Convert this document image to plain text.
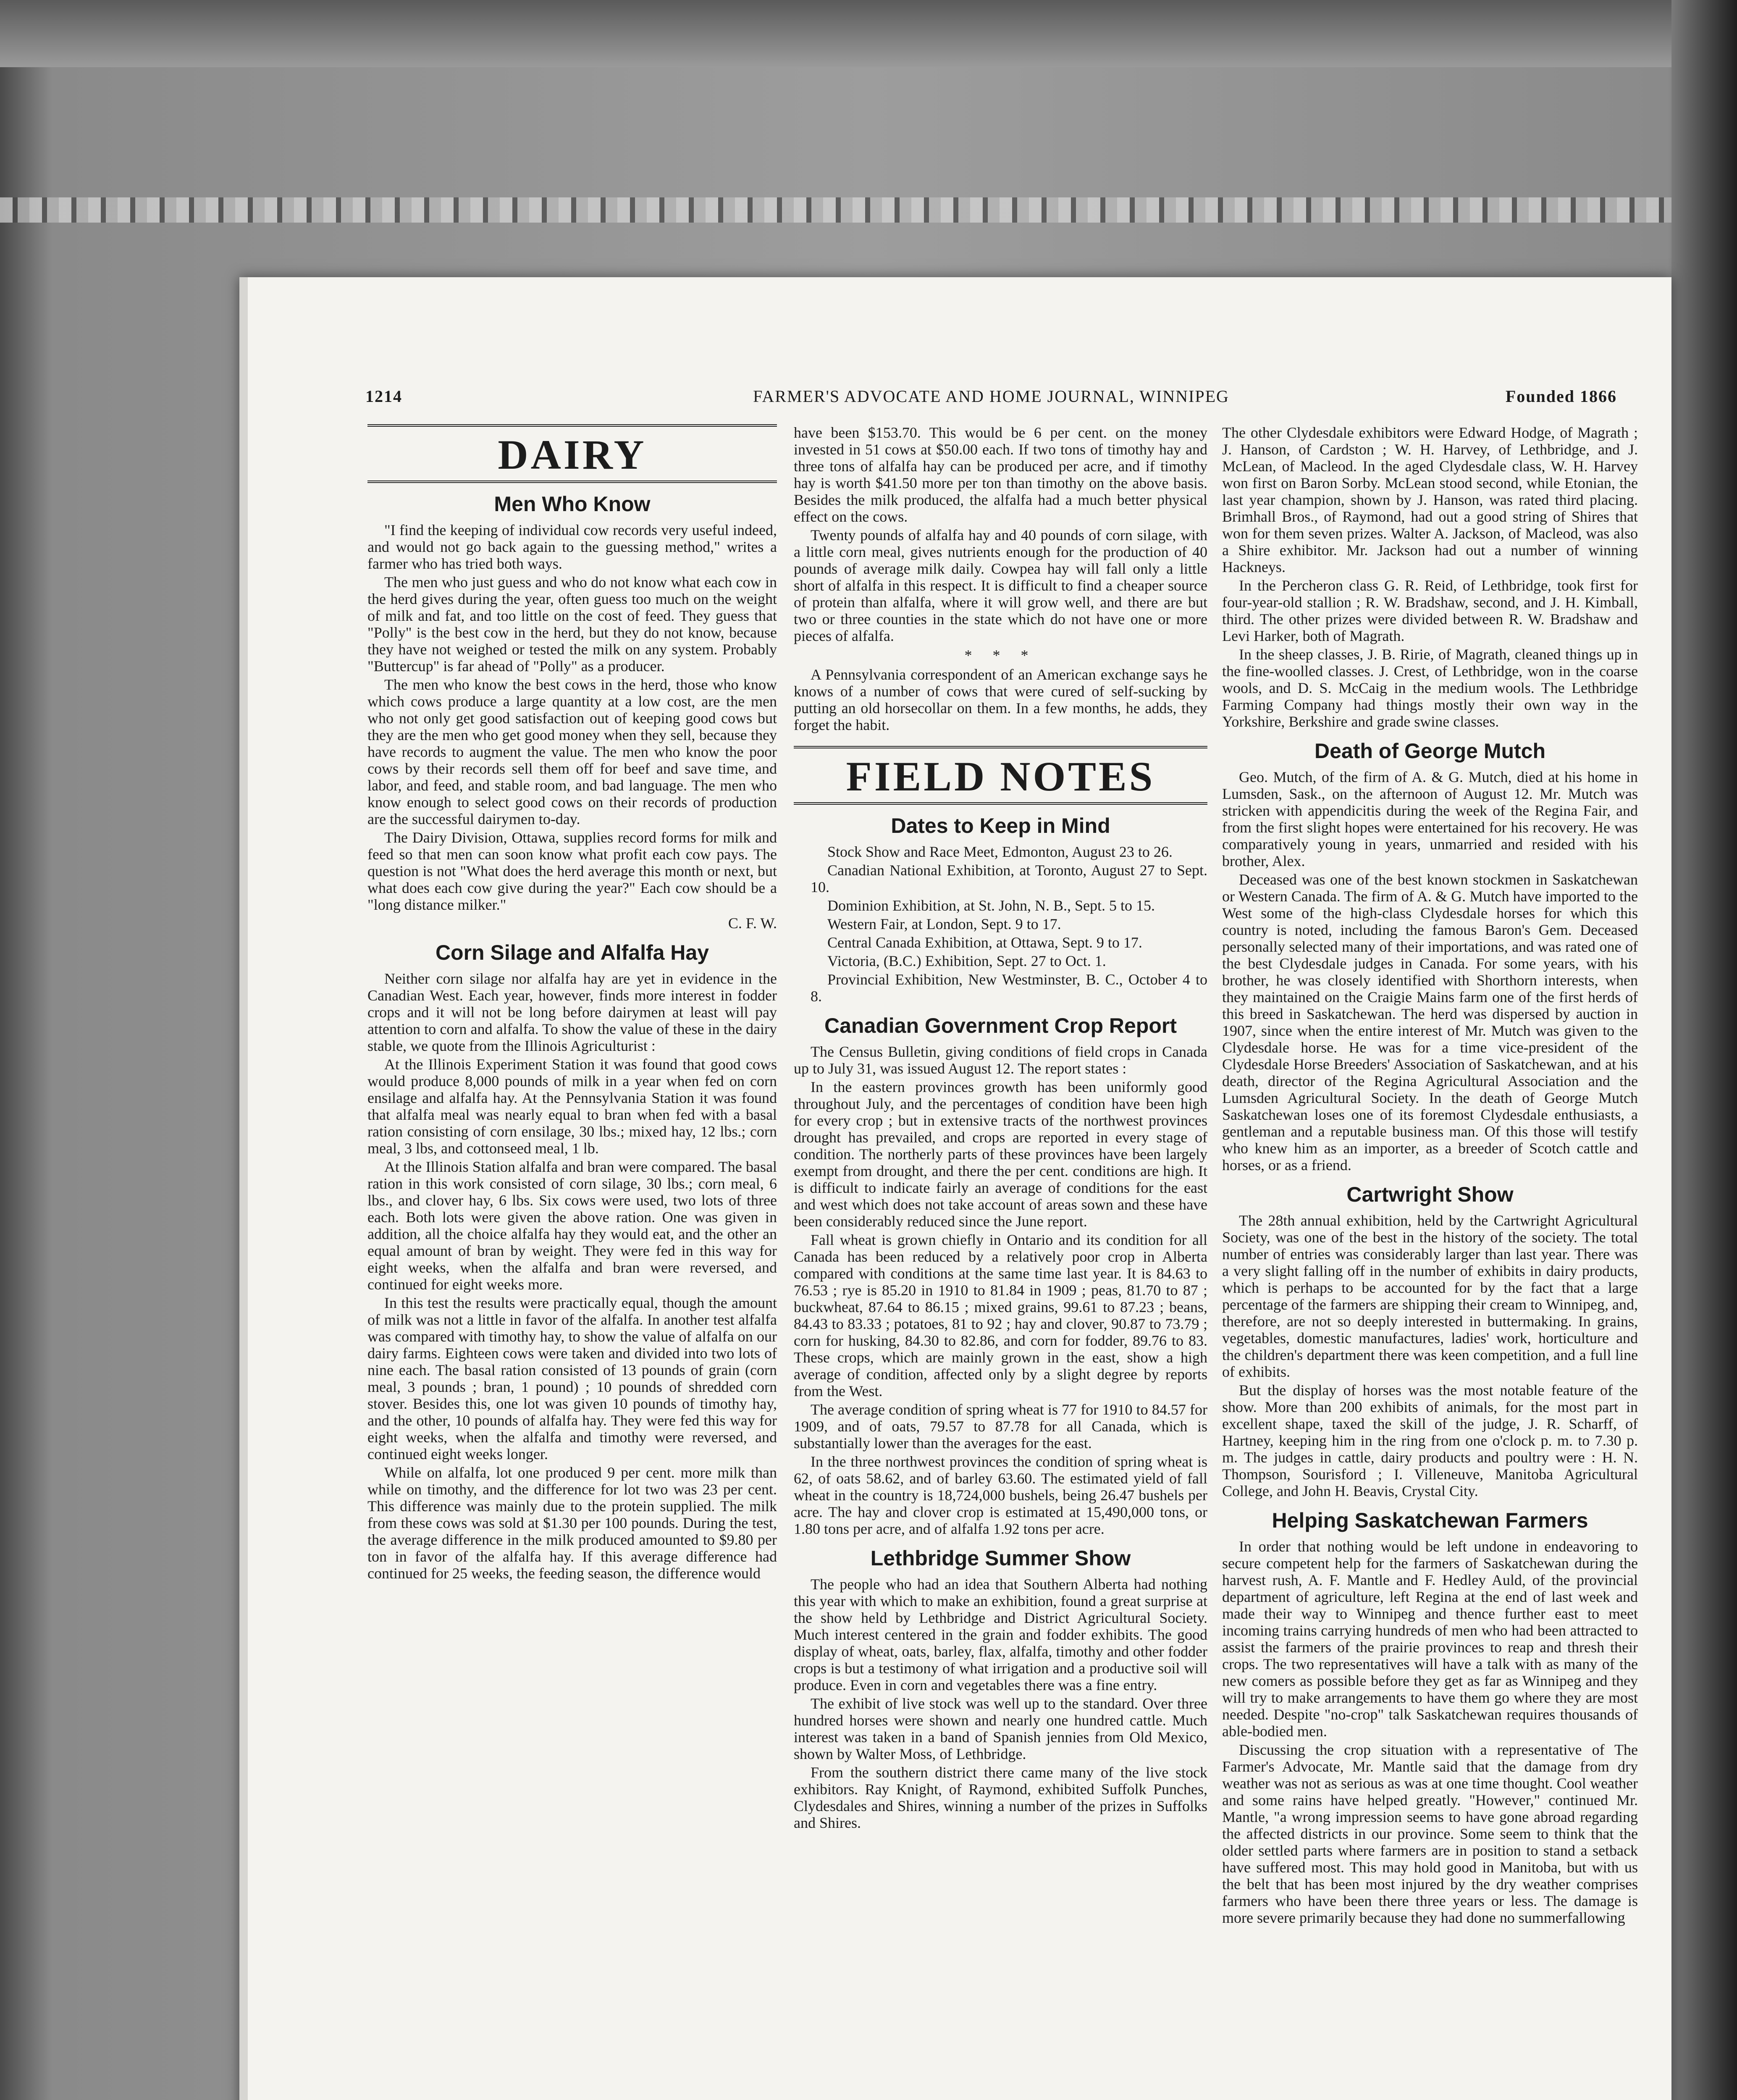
1214	FARMER'S ADVOCATE AND HOME JOURNAL, WINNIPEG	Founded 1866
DAIRY
Men Who Know

"I find the keeping of individual cow records very useful indeed, and would not go back again to the guessing method," writes a farmer who has tried both ways.

The men who just guess and who do not know what each cow in the herd gives during the year, often guess too much on the weight of milk and fat, and too little on the cost of feed. They guess that "Polly" is the best cow in the herd, but they do not know, because they have not weighed or tested the milk on any system. Probably "Buttercup" is far ahead of "Polly" as a producer.

The men who know the best cows in the herd, those who know which cows produce a large quantity at a low cost, are the men who not only get good satisfaction out of keeping good cows but they are the men who get good money when they sell, because they have records to augment the value. The men who know the poor cows by their records sell them off for beef and save time, and labor, and feed, and stable room, and bad language. The men who know enough to select good cows on their records of production are the successful dairymen to-day.

The Dairy Division, Ottawa, supplies record forms for milk and feed so that men can soon know what profit each cow pays. The question is not "What does the herd average this month or next, but what does each cow give during the year?" Each cow should be a "long distance milker."

C. F. W.

Corn Silage and Alfalfa Hay

Neither corn silage nor alfalfa hay are yet in evidence in the Canadian West. Each year, however, finds more interest in fodder crops and it will not be long before dairymen at least will pay attention to corn and alfalfa. To show the value of these in the dairy stable, we quote from the Illinois Agriculturist :

At the Illinois Experiment Station it was found that good cows would produce 8,000 pounds of milk in a year when fed on corn ensilage and alfalfa hay. At the Pennsylvania Station it was found that alfalfa meal was nearly equal to bran when fed with a basal ration consisting of corn ensilage, 30 lbs.; mixed hay, 12 lbs.; corn meal, 3 lbs, and cottonseed meal, 1 lb.

At the Illinois Station alfalfa and bran were compared. The basal ration in this work consisted of corn silage, 30 lbs.; corn meal, 6 lbs., and clover hay, 6 lbs. Six cows were used, two lots of three each. Both lots were given the above ration. One was given in addition, all the choice alfalfa hay they would eat, and the other an equal amount of bran by weight. They were fed in this way for eight weeks, when the alfalfa and bran were reversed, and continued for eight weeks more.

In this test the results were practically equal, though the amount of milk was not a little in favor of the alfalfa. In another test alfalfa was compared with timothy hay, to show the value of alfalfa on our dairy farms. Eighteen cows were taken and divided into two lots of nine each. The basal ration consisted of 13 pounds of grain (corn meal, 3 pounds ; bran, 1 pound) ; 10 pounds of shredded corn stover. Besides this, one lot was given 10 pounds of timothy hay, and the other, 10 pounds of alfalfa hay. They were fed this way for eight weeks, when the alfalfa and timothy were reversed, and continued eight weeks longer.

While on alfalfa, lot one produced 9 per cent. more milk than while on timothy, and the difference for lot two was 23 per cent. This difference was mainly due to the protein supplied. The milk from these cows was sold at $1.30 per 100 pounds. During the test, the average difference in the milk produced amounted to $9.80 per ton in favor of the alfalfa hay. If this average difference had continued for 25 weeks, the feeding season, the difference would

have been $153.70. This would be 6 per cent. on the money invested in 51 cows at $50.00 each. If two tons of timothy hay and three tons of alfalfa hay can be produced per acre, and if timothy hay is worth $41.50 more per ton than timothy on the above basis. Besides the milk produced, the alfalfa had a much better physical effect on the cows.

Twenty pounds of alfalfa hay and 40 pounds of corn silage, with a little corn meal, gives nutrients enough for the production of 40 pounds of average milk daily. Cowpea hay will fall only a little short of alfalfa in this respect. It is difficult to find a cheaper source of protein than alfalfa, where it will grow well, and there are but two or three counties in the state which do not have one or more pieces of alfalfa.

* * *

A Pennsylvania correspondent of an American exchange says he knows of a number of cows that were cured of self-sucking by putting an old horsecollar on them. In a few months, he adds, they forget the habit.

FIELD NOTES
Dates to Keep in Mind

Stock Show and Race Meet, Edmonton, August 23 to 26.

Canadian National Exhibition, at Toronto, August 27 to Sept. 10.

Dominion Exhibition, at St. John, N. B., Sept. 5 to 15.

Western Fair, at London, Sept. 9 to 17.

Central Canada Exhibition, at Ottawa, Sept. 9 to 17.

Victoria, (B.C.) Exhibition, Sept. 27 to Oct. 1.

Provincial Exhibition, New Westminster, B. C., October 4 to 8.

Canadian Government Crop Report

The Census Bulletin, giving conditions of field crops in Canada up to July 31, was issued August 12. The report states :

In the eastern provinces growth has been uniformly good throughout July, and the percentages of condition have been high for every crop ; but in extensive tracts of the northwest provinces drought has prevailed, and crops are reported in every stage of condition. The northerly parts of these provinces have been largely exempt from drought, and there the per cent. conditions are high. It is difficult to indicate fairly an average of conditions for the east and west which does not take account of areas sown and these have been considerably reduced since the June report.

Fall wheat is grown chiefly in Ontario and its condition for all Canada has been reduced by a relatively poor crop in Alberta compared with conditions at the same time last year. It is 84.63 to 76.53 ; rye is 85.20 in 1910 to 81.84 in 1909 ; peas, 81.70 to 87 ; buckwheat, 87.64 to 86.15 ; mixed grains, 99.61 to 87.23 ; beans, 84.43 to 83.33 ; potatoes, 81 to 92 ; hay and clover, 90.87 to 73.79 ; corn for husking, 84.30 to 82.86, and corn for fodder, 89.76 to 83. These crops, which are mainly grown in the east, show a high average of condition, affected only by a slight degree by reports from the West.

The average condition of spring wheat is 77 for 1910 to 84.57 for 1909, and of oats, 79.57 to 87.78 for all Canada, which is substantially lower than the averages for the east.

In the three northwest provinces the condition of spring wheat is 62, of oats 58.62, and of barley 63.60. The estimated yield of fall wheat in the country is 18,724,000 bushels, being 26.47 bushels per acre. The hay and clover crop is estimated at 15,490,000 tons, or 1.80 tons per acre, and of alfalfa 1.92 tons per acre.

Lethbridge Summer Show

The people who had an idea that Southern Alberta had nothing this year with which to make an exhibition, found a great surprise at the show held by Lethbridge and District Agricultural Society. Much interest centered in the grain and fodder exhibits. The good display of wheat, oats, barley, flax, alfalfa, timothy and other fodder crops is but a testimony of what irrigation and a productive soil will produce. Even in corn and vegetables there was a fine entry.

The exhibit of live stock was well up to the standard. Over three hundred horses were shown and nearly one hundred cattle. Much interest was taken in a band of Spanish jennies from Old Mexico, shown by Walter Moss, of Lethbridge.

From the southern district there came many of the live stock exhibitors. Ray Knight, of Raymond, exhibited Suffolk Punches, Clydesdales and Shires, winning a number of the prizes in Suffolks and Shires.

The other Clydesdale exhibitors were Edward Hodge, of Magrath ; J. Hanson, of Cardston ; W. H. Harvey, of Lethbridge, and J. McLean, of Macleod. In the aged Clydesdale class, W. H. Harvey won first on Baron Sorby. McLean stood second, while Etonian, the last year champion, shown by J. Hanson, was rated third placing. Brimhall Bros., of Raymond, had out a good string of Shires that won for them seven prizes. Walter A. Jackson, of Macleod, was also a Shire exhibitor. Mr. Jackson had out a number of winning Hackneys.

In the Percheron class G. R. Reid, of Lethbridge, took first for four-year-old stallion ; R. W. Bradshaw, second, and J. H. Kimball, third. The other prizes were divided between R. W. Bradshaw and Levi Harker, both of Magrath.

In the sheep classes, J. B. Ririe, of Magrath, cleaned things up in the fine-woolled classes. J. Crest, of Lethbridge, won in the coarse wools, and D. S. McCaig in the medium wools. The Lethbridge Farming Company had things mostly their own way in the Yorkshire, Berkshire and grade swine classes.

Death of George Mutch

Geo. Mutch, of the firm of A. & G. Mutch, died at his home in Lumsden, Sask., on the afternoon of August 12. Mr. Mutch was stricken with appendicitis during the week of the Regina Fair, and from the first slight hopes were entertained for his recovery. He was comparatively young in years, unmarried and resided with his brother, Alex.

Deceased was one of the best known stockmen in Saskatchewan or Western Canada. The firm of A. & G. Mutch have imported to the West some of the high-class Clydesdale horses for which this country is noted, including the famous Baron's Gem. Deceased personally selected many of their importations, and was rated one of the best Clydesdale judges in Canada. For some years, with his brother, he was closely identified with Shorthorn interests, when they maintained on the Craigie Mains farm one of the first herds of this breed in Saskatchewan. The herd was dispersed by auction in 1907, since when the entire interest of Mr. Mutch was given to the Clydesdale horse. He was for a time vice-president of the Clydesdale Horse Breeders' Association of Saskatchewan, and at his death, director of the Regina Agricultural Association and the Lumsden Agricultural Society. In the death of George Mutch Saskatchewan loses one of its foremost Clydesdale enthusiasts, a gentleman and a reputable business man. Of this those will testify who knew him as an importer, as a breeder of Scotch cattle and horses, or as a friend.

Cartwright Show

The 28th annual exhibition, held by the Cartwright Agricultural Society, was one of the best in the history of the society. The total number of entries was considerably larger than last year. There was a very slight falling off in the number of exhibits in dairy products, which is perhaps to be accounted for by the fact that a large percentage of the farmers are shipping their cream to Winnipeg, and, therefore, are not so deeply interested in buttermaking. In grains, vegetables, domestic manufactures, ladies' work, horticulture and the children's department there was keen competition, and a full line of exhibits.

But the display of horses was the most notable feature of the show. More than 200 exhibits of animals, for the most part in excellent shape, taxed the skill of the judge, J. R. Scharff, of Hartney, keeping him in the ring from one o'clock p. m. to 7.30 p. m. The judges in cattle, dairy products and poultry were : H. N. Thompson, Sourisford ; I. Villeneuve, Manitoba Agricultural College, and John H. Beavis, Crystal City.

Helping Saskatchewan Farmers

In order that nothing would be left undone in endeavoring to secure competent help for the farmers of Saskatchewan during the harvest rush, A. F. Mantle and F. Hedley Auld, of the provincial department of agriculture, left Regina at the end of last week and made their way to Winnipeg and thence further east to meet incoming trains carrying hundreds of men who had been attracted to assist the farmers of the prairie provinces to reap and thresh their crops. The two representatives will have a talk with as many of the new comers as possible before they get as far as Winnipeg and they will try to make arrangements to have them go where they are most needed. Despite "no-crop" talk Saskatchewan requires thousands of able-bodied men.

Discussing the crop situation with a representative of The Farmer's Advocate, Mr. Mantle said that the damage from dry weather was not as serious as was at one time thought. Cool weather and some rains have helped greatly. "However," continued Mr. Mantle, "a wrong impression seems to have gone abroad regarding the affected districts in our province. Some seem to think that the older settled parts where farmers are in position to stand a setback have suffered most. This may hold good in Manitoba, but with us the belt that has been most injured by the dry weather comprises farmers who have been there three years or less. The damage is more severe primarily because they had done no summerfallowing
